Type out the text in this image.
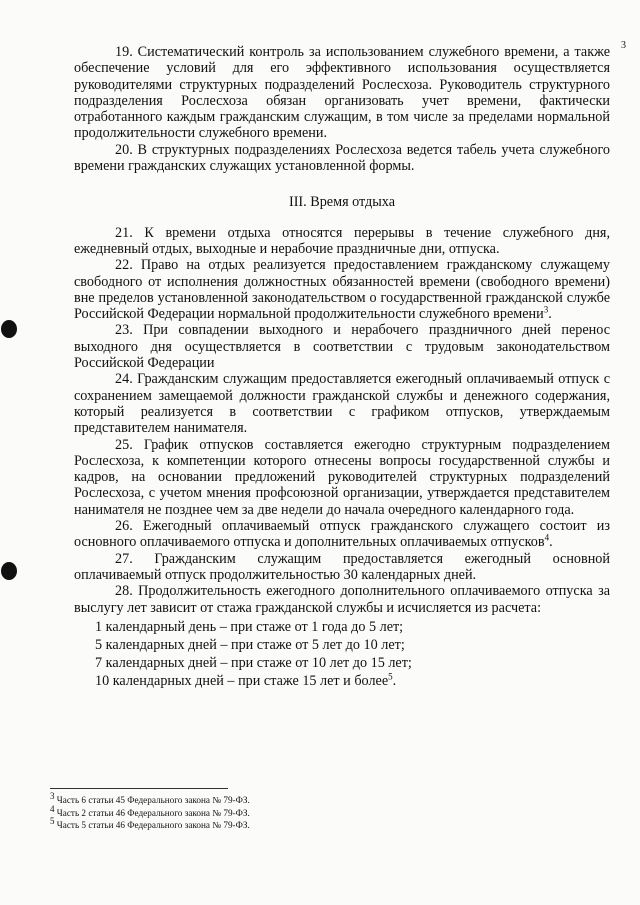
3

19. Систематический контроль за использованием служебного времени, а также обеспечение условий для его эффективного использования осуществляется руководителями структурных подразделений Рослесхоза. Руководитель структурного подразделения Рослесхоза обязан организовать учет времени, фактически отработанного каждым гражданским служащим, в том числе за пределами нормальной продолжительности служебного времени.

20. В структурных подразделениях Рослесхоза ведется табель учета служебного времени гражданских служащих установленной формы.

III. Время отдыха

21. К времени отдыха относятся перерывы в течение служебного дня, ежедневный отдых, выходные и нерабочие праздничные дни, отпуска.

22. Право на отдых реализуется предоставлением гражданскому служащему свободного от исполнения должностных обязанностей времени (свободного времени) вне пределов установленной законодательством о государственной гражданской службе Российской Федерации нормальной продолжительности служебного времени$^3$.

23. При совпадении выходного и нерабочего праздничного дней перенос выходного дня осуществляется в соответствии с трудовым законодательством Российской Федерации

24. Гражданским служащим предоставляется ежегодный оплачиваемый отпуск с сохранением замещаемой должности гражданской службы и денежного содержания, который реализуется в соответствии с графиком отпусков, утверждаемым представителем нанимателя.

25. График отпусков составляется ежегодно структурным подразделением Рослесхоза, к компетенции которого отнесены вопросы государственной службы и кадров, на основании предложений руководителей структурных подразделений Рослесхоза, с учетом мнения профсоюзной организации, утверждается представителем нанимателя не позднее чем за две недели до начала очередного календарного года.

26. Ежегодный оплачиваемый отпуск гражданского служащего состоит из основного оплачиваемого отпуска и дополнительных оплачиваемых отпусков$^4$.

27. Гражданским служащим предоставляется ежегодный основной оплачиваемый отпуск продолжительностью 30 календарных дней.

28. Продолжительность ежегодного дополнительного оплачиваемого отпуска за выслугу лет зависит от стажа гражданской службы и исчисляется из расчета:

1 календарный день – при стаже от 1 года до 5 лет;

5 календарных дней – при стаже от 5 лет до 10 лет;

7 календарных дней – при стаже от 10 лет до 15 лет;

10 календарных дней – при стаже 15 лет и более$^5$.

$^3$ Часть 6 статьи 45 Федерального закона № 79-ФЗ.

$^4$ Часть 2 статьи 46 Федерального закона № 79-ФЗ.

$^5$ Часть 5 статьи 46 Федерального закона № 79-ФЗ.
